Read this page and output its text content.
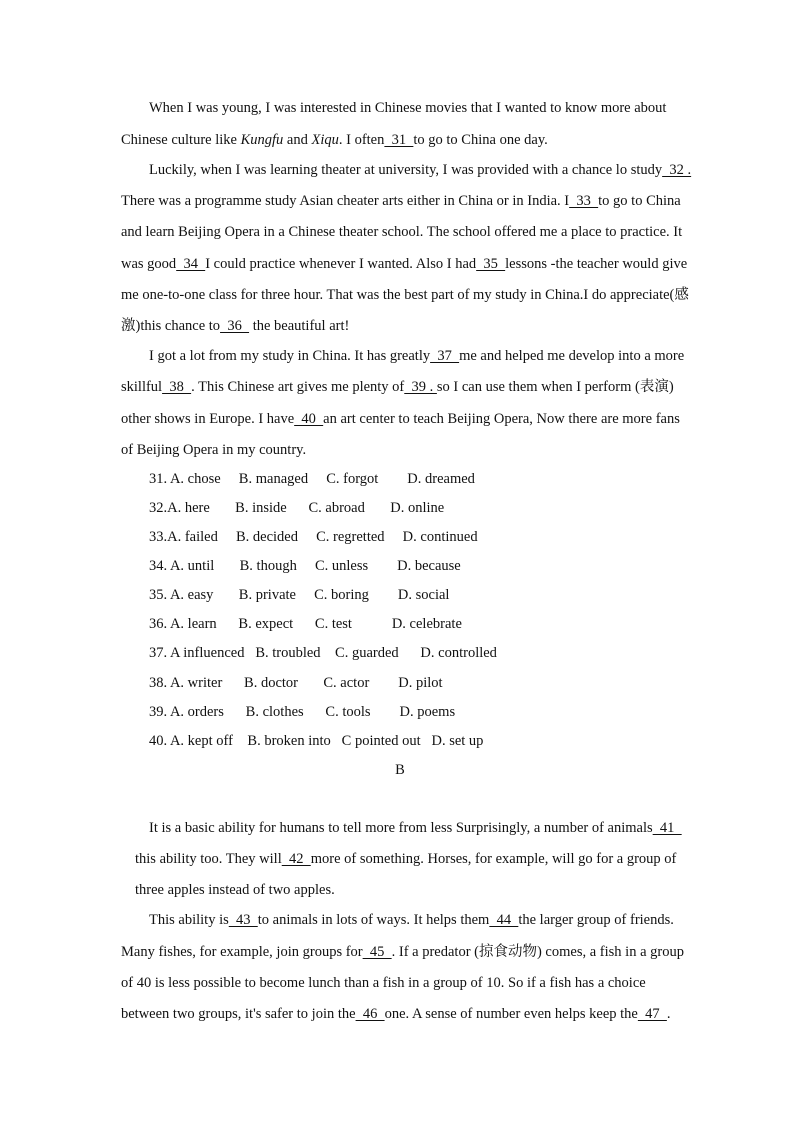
When I was young, I was interested in Chinese movies that I wanted to know more about
Chinese culture like Kungfu and Xiqu. I often  31  to go to China one day.
Luckily, when I was learning theater at university, I was provided with a chance lo study  32 .
There was a programme study Asian cheater arts either in China or in India. I  33  to go to China
and learn Beijing Opera in a Chinese theater school. The school offered me a place to practice. It
was good  34  I could practice whenever I wanted. Also I had  35  lessons -the teacher would give
me one-to-one class for three hour. That was the best part of my study in China.I do appreciate(感
激)this chance to  36   the beautiful art!
I got a lot from my study in China. It has greatly  37  me and helped me develop into a more
skillful  38  . This Chinese art gives me plenty of  39 . so I can use them when I perform (表演)
other shows in Europe. I have  40  an art center to teach Beijing Opera, Now there are more fans
of Beijing Opera in my country.
31. A. chose     B. managed     C. forgot        D. dreamed
32.A. here       B. inside      C. abroad       D. online
33.A. failed     B. decided     C. regretted     D. continued
34. A. until       B. though     C. unless        D. because
35. A. easy       B. private     C. boring        D. social
36. A. learn      B. expect      C. test           D. celebrate
37. A influenced   B. troubled    C. guarded      D. controlled
38. A. writer      B. doctor       C. actor        D. pilot
39. A. orders      B. clothes      C. tools        D. poems
40. A. kept off    B. broken into   C pointed out   D. set up
B
It is a basic ability for humans to tell more from less Surprisingly, a number of animals  41
this ability too. They will  42  more of something. Horses, for example, will go for a group of
three apples instead of two apples.
This ability is  43  to animals in lots of ways. It helps them  44  the larger group of friends.
Many fishes, for example, join groups for  45  . If a predator (掠食动物) comes, a fish in a group
of 40 is less possible to become lunch than a fish in a group of 10. So if a fish has a choice
between two groups, it's safer to join the  46  one. A sense of number even helps keep the  47  .
